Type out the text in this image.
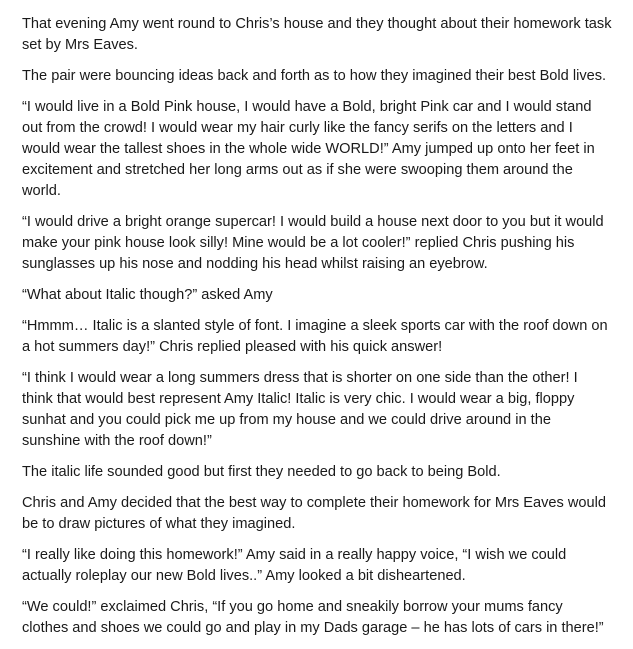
That evening Amy went round to Chris’s house and they thought about their homework task set by Mrs Eaves.

The pair were bouncing ideas back and forth as to how they imagined their best Bold lives.

“I would live in a Bold Pink house, I would have a Bold, bright Pink car and I would stand out from the crowd! I would wear my hair curly like the fancy serifs on the letters and I would wear the tallest shoes in the whole wide WORLD!” Amy jumped up onto her feet in excitement and stretched her long arms out as if she were swooping them around the world.

“I would drive a bright orange supercar! I would build a house next door to you but it would make your pink house look silly! Mine would be a lot cooler!” replied Chris pushing his sunglasses up his nose and nodding his head whilst raising an eyebrow.

“What about Italic though?” asked Amy

“Hmmm… Italic is a slanted style of font. I imagine a sleek sports car with the roof down on a hot summers day!” Chris replied pleased with his quick answer!

“I think I would wear a long summers dress that is shorter on one side than the other! I think that would best represent Amy Italic! Italic is very chic. I would wear a big, floppy sunhat and you could pick me up from my house and we could drive around in the sunshine with the roof down!”

The italic life sounded good but first they needed to go back to being Bold.

Chris and Amy decided that the best way to complete their homework for Mrs Eaves would be to draw pictures of what they imagined.

“I really like doing this homework!” Amy said in a really happy voice, “I wish we could actually roleplay our new Bold lives..” Amy looked a bit disheartened.

“We could!” exclaimed Chris, “If you go home and sneakily borrow your mums fancy clothes and shoes we could go and play in my Dads garage – he has lots of cars in there!”
